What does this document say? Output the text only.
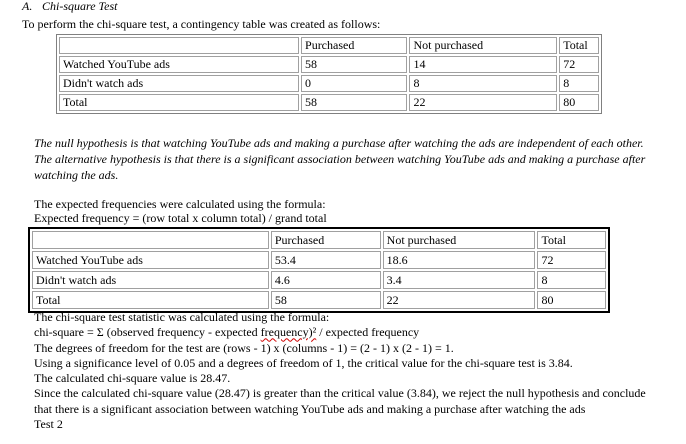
A. Chi-square Test
To perform the chi-square test, a contingency table was created as follows:
	Purchased	Not purchased	Total
Watched YouTube ads	58	14	72
Didn't watch ads	0	8	8
Total	58	22	80
The null hypothesis is that watching YouTube ads and making a purchase after watching the ads are independent of each other.
The alternative hypothesis is that there is a significant association between watching YouTube ads and making a purchase after watching the ads.
The expected frequencies were calculated using the formula:
Expected frequency = (row total x column total) / grand total
	Purchased	Not purchased	Total
Watched YouTube ads	53.4	18.6	72
Didn't watch ads	4.6	3.4	8
Total	58	22	80
The chi-square test statistic was calculated using the formula:
chi-square = Σ (observed frequency - expected frequency)² / expected frequency
The degrees of freedom for the test are (rows - 1) x (columns - 1) = (2 - 1) x (2 - 1) = 1.
Using a significance level of 0.05 and a degrees of freedom of 1, the critical value for the chi-square test is 3.84.
The calculated chi-square value is 28.47.
Since the calculated chi-square value (28.47) is greater than the critical value (3.84), we reject the null hypothesis and conclude that there is a significant association between watching YouTube ads and making a purchase after watching the ads
Test 2
